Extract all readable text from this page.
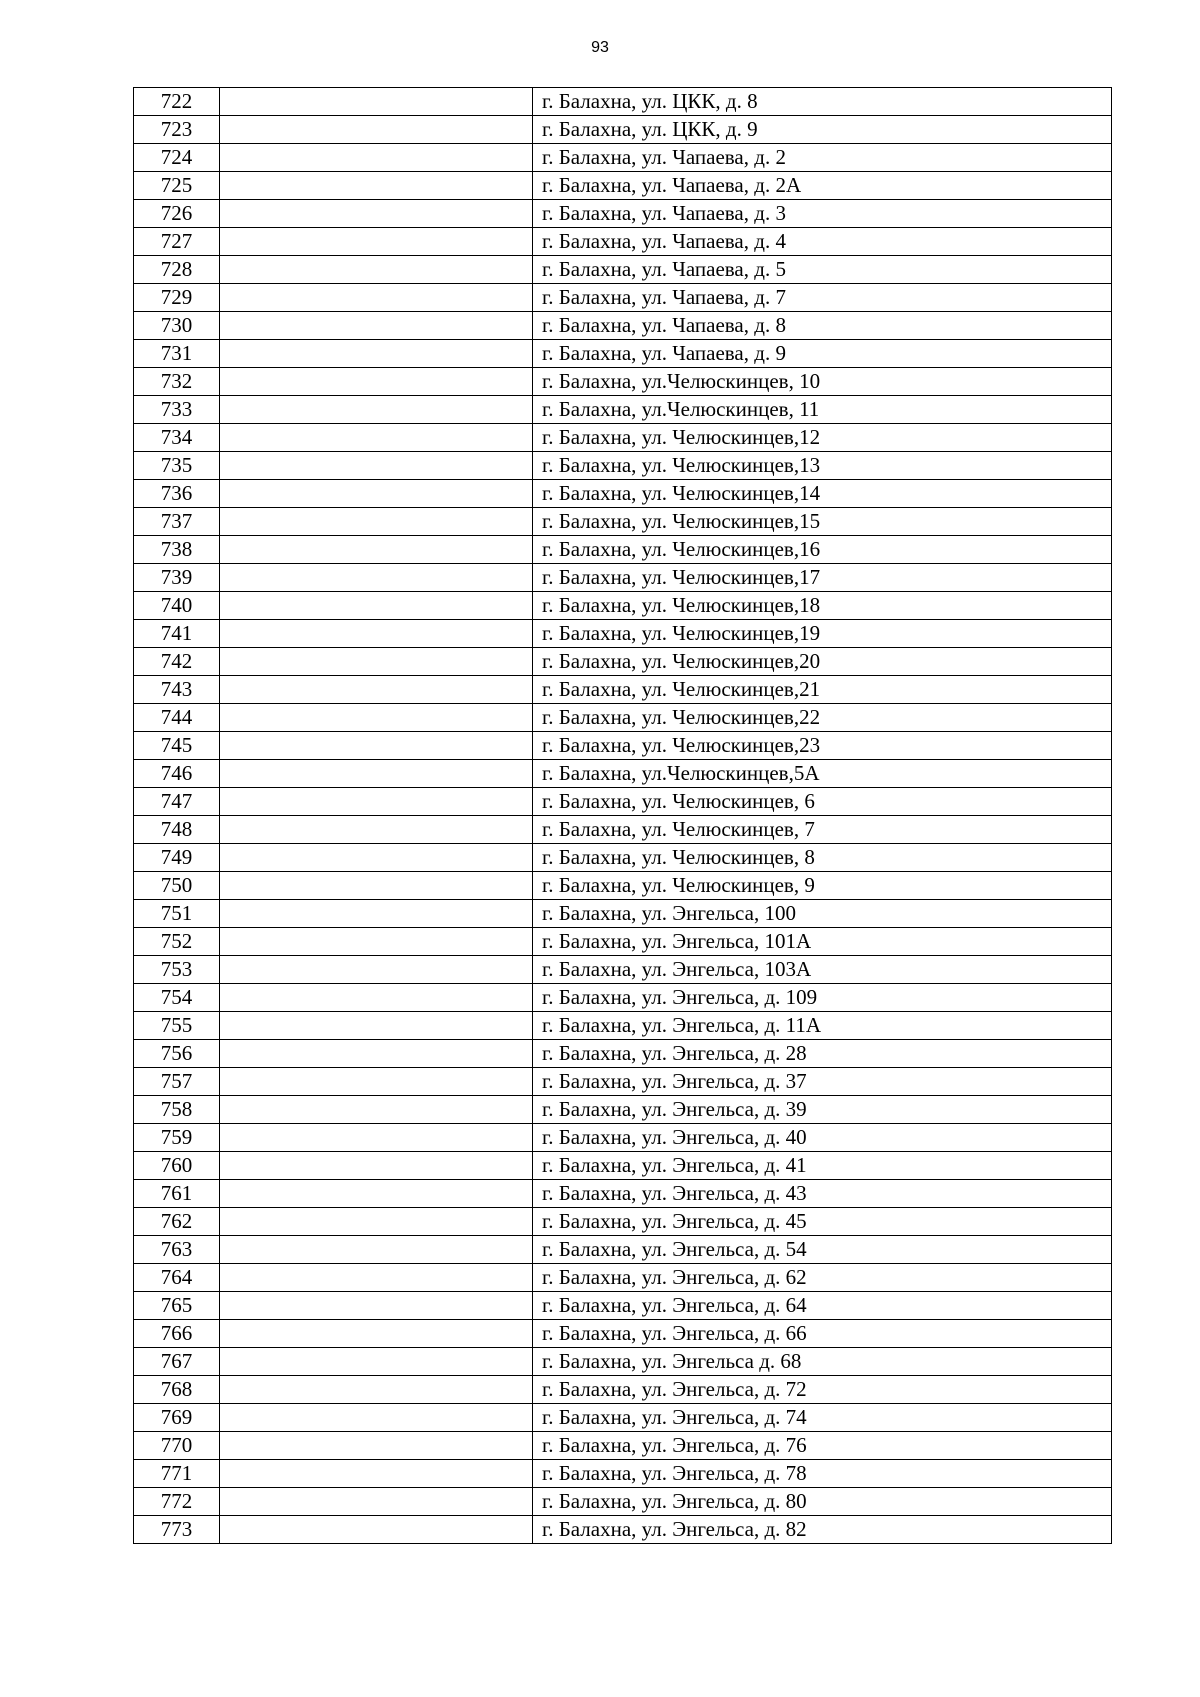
93
722		г. Балахна, ул. ЦКК, д. 8
723		г. Балахна, ул. ЦКК, д. 9
724		г. Балахна, ул. Чапаева, д. 2
725		г. Балахна, ул. Чапаева, д. 2А
726		г. Балахна, ул. Чапаева, д. 3
727		г. Балахна, ул. Чапаева, д. 4
728		г. Балахна, ул. Чапаева, д. 5
729		г. Балахна, ул. Чапаева, д. 7
730		г. Балахна, ул. Чапаева, д. 8
731		г. Балахна, ул. Чапаева, д. 9
732		г. Балахна, ул.Челюскинцев, 10
733		г. Балахна, ул.Челюскинцев, 11
734		г. Балахна, ул. Челюскинцев,12
735		г. Балахна, ул. Челюскинцев,13
736		г. Балахна, ул. Челюскинцев,14
737		г. Балахна, ул. Челюскинцев,15
738		г. Балахна, ул. Челюскинцев,16
739		г. Балахна, ул. Челюскинцев,17
740		г. Балахна, ул. Челюскинцев,18
741		г. Балахна, ул. Челюскинцев,19
742		г. Балахна, ул. Челюскинцев,20
743		г. Балахна, ул. Челюскинцев,21
744		г. Балахна, ул. Челюскинцев,22
745		г. Балахна, ул. Челюскинцев,23
746		г. Балахна, ул.Челюскинцев,5А
747		г. Балахна, ул. Челюскинцев, 6
748		г. Балахна, ул. Челюскинцев, 7
749		г. Балахна, ул. Челюскинцев, 8
750		г. Балахна, ул. Челюскинцев, 9
751		г. Балахна, ул. Энгельса, 100
752		г. Балахна, ул. Энгельса, 101А
753		г. Балахна, ул. Энгельса, 103А
754		г. Балахна, ул. Энгельса, д. 109
755		г. Балахна, ул. Энгельса, д. 11А
756		г. Балахна, ул. Энгельса, д. 28
757		г. Балахна, ул. Энгельса, д. 37
758		г. Балахна, ул. Энгельса, д. 39
759		г. Балахна, ул. Энгельса, д. 40
760		г. Балахна, ул. Энгельса, д. 41
761		г. Балахна, ул. Энгельса, д. 43
762		г. Балахна, ул. Энгельса, д. 45
763		г. Балахна, ул. Энгельса, д. 54
764		г. Балахна, ул. Энгельса, д. 62
765		г. Балахна, ул. Энгельса, д. 64
766		г. Балахна, ул. Энгельса, д. 66
767		г. Балахна, ул. Энгельса д. 68
768		г. Балахна, ул. Энгельса, д. 72
769		г. Балахна, ул. Энгельса, д. 74
770		г. Балахна, ул. Энгельса, д. 76
771		г. Балахна, ул. Энгельса, д. 78
772		г. Балахна, ул. Энгельса, д. 80
773		г. Балахна, ул. Энгельса, д. 82
